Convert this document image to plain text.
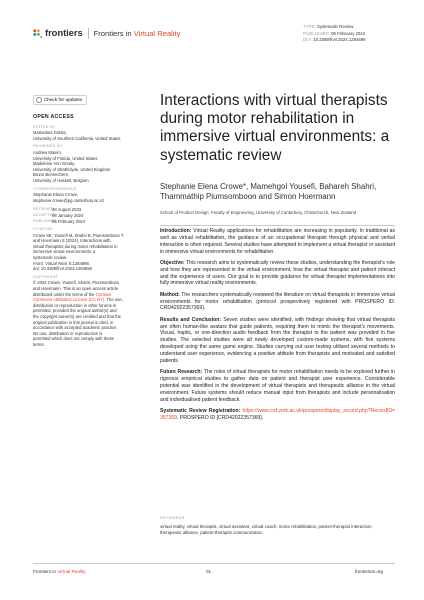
frontiers Frontiers in Virtual Reality
TYPE Systematic Review
PUBLISHED 05 February 2024
DOI 10.3389/frvir.2024.1284696
Check for updates
OPEN ACCESS
EDITED BY
Mariantina Gotsis,
University of Southern California, United States
REVIEWED BY
Andrew Maxim,
University of Florida, United States
Madeleine Ann Grealy,
University of Strathclyde, United Kingdom
Bruno Bonnechère,
University of Hasselt, Belgium
*CORRESPONDENCE
Stephanie Elena Crowe,
stephanie.crowe@pg.canterbury.ac.nz
RECEIVED
28 August 2023
ACCEPTED
08 January 2024
PUBLISHED
05 February 2024
CITATION
Crowe SE, Yousefi M, Shahri B, Piumsomboon T
and Hoermann S (2024), Interactions with
virtual therapists during motor rehabilitation in
immersive virtual environments: a
systematic review.
Front. Virtual Real. 5:1284696.
doi: 10.3389/frvir.2024.1284696
COPYRIGHT
© 2024 Crowe, Yousefi, Shahri, Piumsomboon
and Hoermann. This is an open-access article
distributed under the terms of the Creative
Commons Attribution License (CC BY). The use,
distribution or reproduction in other forums is
permitted, provided the original author(s) and
the copyright owner(s) are credited and that the
original publication in this journal is cited, in
accordance with accepted academic practice.
No use, distribution or reproduction is
permitted which does not comply with these
terms.
Interactions with virtual therapists during motor rehabilitation in immersive virtual environments: a systematic review
Stephanie Elena Crowe*, Mamehgol Yousefi, Bahareh Shahri, Thammathip Piumsomboon and Simon Hoermann
School of Product Design, Faculty of Engineering, University of Canterbury, Christchurch, New Zealand

Introduction: Virtual Reality applications for rehabilitation are increasing in popularity. In traditional as well as virtual rehabilitation, the guidance of an occupational therapist through physical and verbal interaction is often required. Several studies have attempted to implement a virtual therapist or assistant in immersive virtual environments for rehabilitation.

Objective: This research aims to systematically review these studies, understanding the therapist's role and how they are represented in the virtual environment, how the virtual therapist and patient interact and the experience of users. Our goal is to provide guidance for virtual therapist implementations into fully immersive virtual reality environments.

Method: The researchers systematically reviewed the literature on virtual therapists in immersive virtual environments for motor rehabilitation (protocol prospectively registered with PROSPERO ID: CRD42022357369).

Results and Conclusion: Seven studies were identified, with findings showing that virtual therapists are often human-like avatars that guide patients, requiring them to mimic the therapist's movements. Visual, haptic, or one-direction audio feedback from the therapist to the patient was provided in five studies. The selected studies were all newly developed custom-made systems, with five systems developed using the same game engine. Studies carrying out user testing utilised several methods to understand user experience, evidencing a positive attitude from therapists and motivated and satisfied patients.

Future Research: The roles of virtual therapists for motor rehabilitation needs to be explored further in rigorous empirical studies to gather data on patient and therapist user experience. Considerable potential was identified in the development of virtual therapists and therapeutic alliance in the virtual environment. Future systems should reduce manual input from therapists and include personalisation and individualised patient feedback.

Systematic Review Registration: https://www.crd.york.ac.uk/prospero/display_record.php?RecordID=357369, PROSPERO ID [CRD42022357369].

KEYWORDS
virtual reality, virtual therapist, virtual assistant, virtual coach, motor rehabilitation, patient-therapist interaction, therapeutic alliance, patient-therapist communication
Frontiers in Virtual Reality	01	frontiersin.org
